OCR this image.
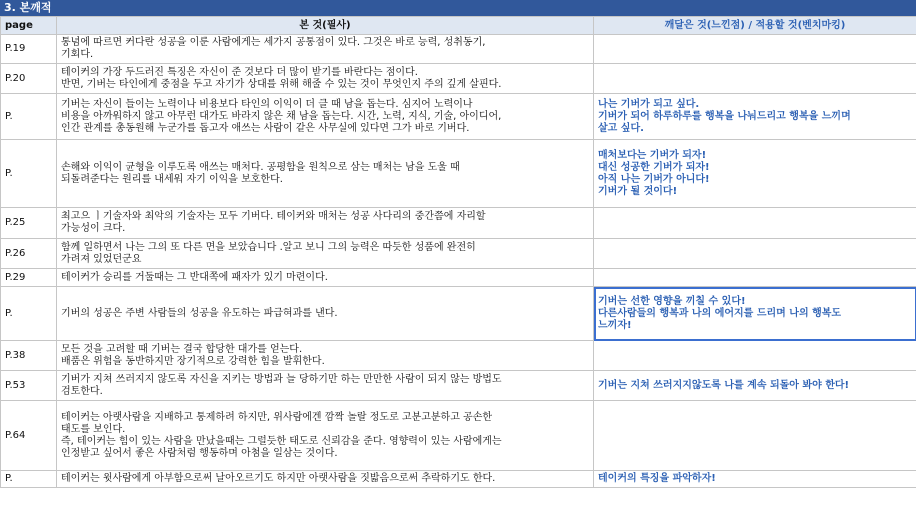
3. 본깨적
page	본 것(필사)	깨달은 것(느낀점) / 적용할 것(벤치마킹)
P.19	통념에 따르면 커다란 성공을 이룬 사람에게는 세가지 공통점이 있다. 그것은 바로 능력, 성취동기,
기회다.	
P.20	테이커의 가장 두드러진 특징은 자신이 준 것보다 더 많이 받기를 바란다는 점이다.
반면, 기버는 타인에게 중점을 두고 자기가 상대를 위해 해줄 수 있는 것이 무엇인지 주의 깊게 살핀다.	
P.	기버는 자신이 들이는 노력이나 비용보다 타인의 이익이 더 클 때 남을 돕는다. 심지어 노력이나
비용을 아까워하지 않고 아무런 대가도 바라지 않은 채 남을 돕는다. 시간, 노력, 지식, 기술, 아이디어,
인간 관계를 총동원해 누군가를 돕고자 애쓰는 사람이 같은 사무실에 있다면 그가 바로 기버다.	나는 기버가 되고 싶다.
기버가 되어 하루하루를 행복을 나눠드리고 행복을 느끼며
살고 싶다.
P.	손해와 이익이 균형을 이루도록 애쓰는 매처다. 공평함을 원칙으로 삼는 매처는 남을 도울 때
되돌려준다는 원리를 내세워 자기 이익을 보호한다.	매처보다는 기버가 되자!
대신 성공한 기버가 되자!
아직 나는 기버가 아니다!
기버가 될 것이다!
P.25	최고으 ㅣ기술자와 최악의 기술자는 모두 기버다. 테이커와 매처는 성공 사다리의 중간쯤에 자리할
가능성이 크다.	
P.26	함께 일하면서 나는 그의 또 다른 면을 보았습니다 .알고 보니 그의 능력은 따듯한 성품에 완전히
가려져 있었던군요	
P.29	테이커가 승리를 거둘때는 그 반대쪽에 패자가 있기 마련이다.	
P.	기버의 성공은 주변 사람들의 성공을 유도하는 파급혀과를 낸다.	기버는 선한 영향을 끼칠 수 있다!
다른사람들의 행복과 나의 에어지를 드리며 나의 행복도
느끼자!
P.38	모든 것을 고려할 때 기버는 결국 합당한 대가를 얻는다.
배품은 위험을 동반하지만 장기적으로 강력한 힘을 발휘한다.	
P.53	기버가 지쳐 쓰러지지 않도록 자신을 지키는 방법과 늘 당하기만 하는 만만한 사람이 되지 않는 방법도
검토한다.	기버는 지쳐 쓰러지지않도록 나를 계속 되돌아 봐야 한다!
P.64	테이커는 아랫사람을 지배하고 통제하려 하지만, 위사람에겐 깜짝 놀랄 정도로 고분고분하고 공손한
태도를 보인다.
즉, 테이커는 힘이 있는 사람을 만났을때는 그럴듯한 태도로 신뢰감을 준다. 영향력이 있는 사람에게는
인정받고 싶어서 좋은 사람처럼 행동하며 아첨을 일삼는 것이다.	
P.	테이커는 윗사람에게 아부함으로써 날아오르기도 하지만 아랫사람을 짓밟음으로써 추락하기도 한다.	테이커의 특징을 파악하자!
